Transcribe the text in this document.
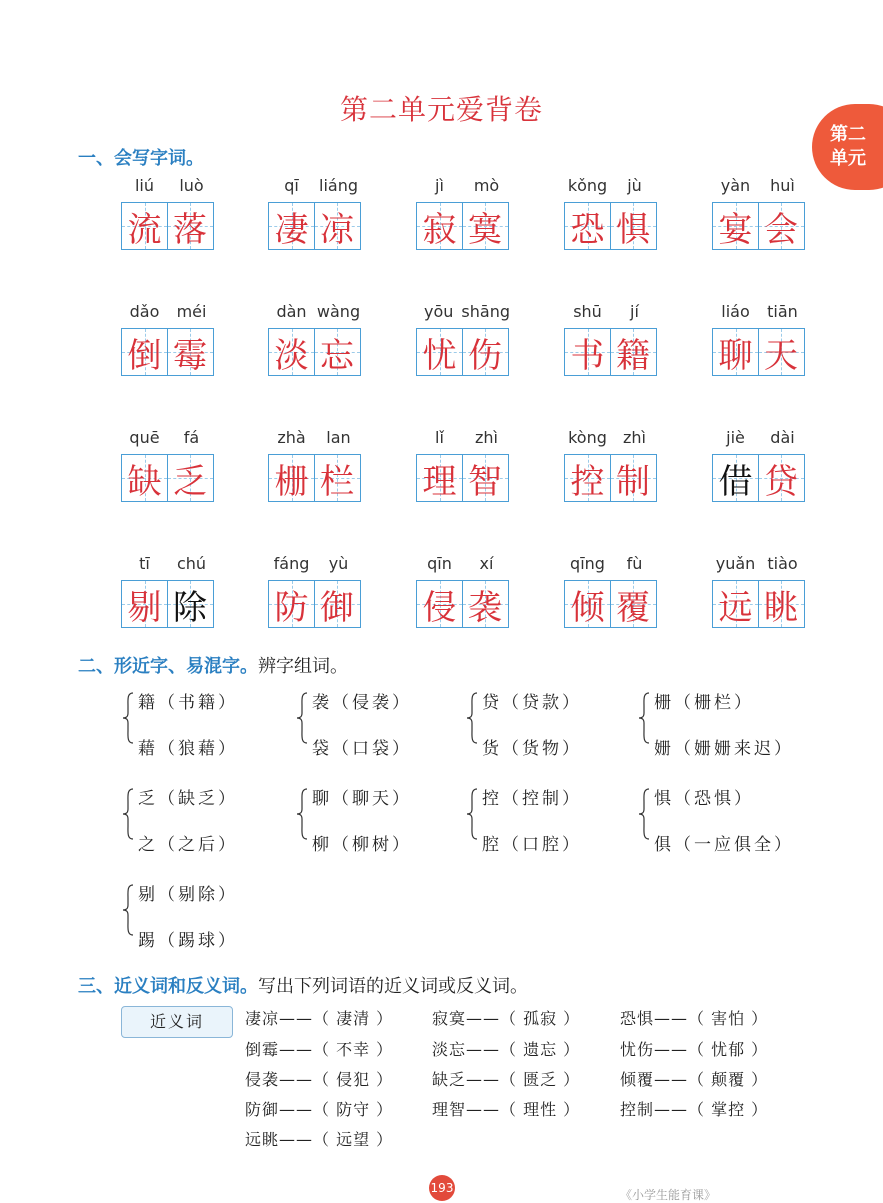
第二单元爱背卷
第二
单元
一、会写字词。
liú	luò
流 落
qī	liáng
凄 凉
jì	mò
寂 寞
kǒng	jù
恐 惧
yàn	huì
宴 会
dǎo	méi
倒 霉
dàn wàng
淡 忘
yōu shāng
忧 伤
shū	jí
书 籍
liáo	tiān
聊 天
quē	fá
缺 乏
zhà	lan
栅 栏
lǐ	zhì
理 智
kòng	zhì
控 制
jiè	dài
借 贷
tī	chú
剔 除
fáng	yù
防 御
qīn	xí
侵 袭
qīng	fù
倾 覆
yuǎn tiào
远 眺
二、形近字、易混字。辨字组词。
籍（书籍）
藉（狼藉）
袭（侵袭）
袋（口袋）
贷（贷款）
货（货物）
栅（栅栏）
姗（姗姗来迟）
乏（缺乏）
之（之后）
聊（聊天）
柳（柳树）
控（控制）
腔（口腔）
惧（恐惧）
俱（一应俱全）
剔（剔除）
踢（踢球）
三、近义词和反义词。写出下列词语的近义词或反义词。
近义词	凄凉——（ 凄清 ） 寂寞——（ 孤寂 ） 恐惧——（ 害怕 ）
倒霉——（ 不幸 ） 淡忘——（ 遗忘 ） 忧伤——（ 忧郁 ）
侵袭——（ 侵犯 ） 缺乏——（ 匮乏 ） 倾覆——（ 颠覆 ）
防御——（ 防守 ） 理智——（ 理性 ） 控制——（ 掌控 ）
远眺——（ 远望 ）
193	《小学生能育课》
